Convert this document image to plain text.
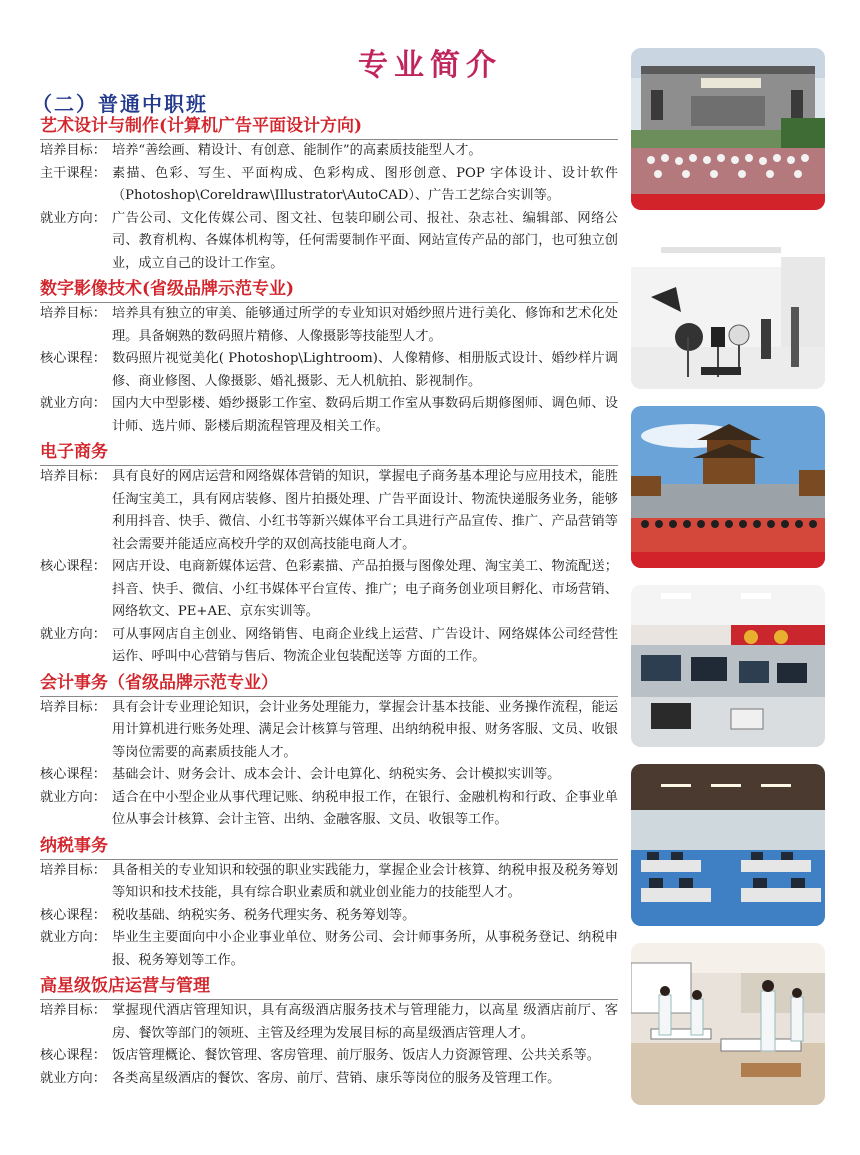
专业简介
（二）普通中职班
艺术设计与制作(计算机广告平面设计方向)
培养目标： 培养“善绘画、精设计、有创意、能制作”的高素质技能型人才。
主干课程： 素描、色彩、写生、平面构成、色彩构成、图形创意、POP 字体设计、设计软件（Photoshop\Coreldraw\Illustrator\AutoCAD）、广告工艺综合实训等。
就业方向： 广告公司、文化传媒公司、图文社、包装印刷公司、报社、杂志社、编辑部、网络公司、教育机构、各媒体机构等，任何需要制作平面、网站宣传产品的部门，也可独立创业，成立自己的设计工作室。
数字影像技术(省级品牌示范专业)
培养目标： 培养具有独立的审美、能够通过所学的专业知识对婚纱照片进行美化、修饰和艺术化处理。具备娴熟的数码照片精修、人像摄影等技能型人才。
核心课程： 数码照片视觉美化( Photoshop\Lightroom)、人像精修、相册版式设计、婚纱样片调修、商业修图、人像摄影、婚礼摄影、无人机航拍、影视制作。
就业方向： 国内大中型影楼、婚纱摄影工作室、数码后期工作室从事数码后期修图师、调色师、设计师、选片师、影楼后期流程管理及相关工作。
电子商务
培养目标： 具有良好的网店运营和网络媒体营销的知识，掌握电子商务基本理论与应用技术，能胜任淘宝美工，具有网店装修、图片拍摄处理、广告平面设计、物流快递服务业务，能够利用抖音、快手、微信、小红书等新兴媒体平台工具进行产品宣传、推广、产品营销等社会需要并能适应高校升学的双创高技能电商人才。
核心课程： 网店开设、电商新媒体运营、色彩素描、产品拍摄与图像处理、淘宝美工、物流配送；抖音、快手、微信、小红书媒体平台宣传、推广；电子商务创业项目孵化、市场营销、网络软文、PE+AE、京东实训等。
就业方向： 可从事网店自主创业、网络销售、电商企业线上运营、广告设计、网络媒体公司经营性运作、呼叫中心营销与售后、物流企业包装配送等 方面的工作。
会计事务（省级品牌示范专业）
培养目标： 具有会计专业理论知识，会计业务处理能力，掌握会计基本技能、业务操作流程，能运用计算机进行账务处理、满足会计核算与管理、出纳纳税申报、财务客服、文员、收银等岗位需要的高素质技能人才。
核心课程： 基础会计、财务会计、成本会计、会计电算化、纳税实务、会计模拟实训等。
就业方向： 适合在中小型企业从事代理记账、纳税申报工作，在银行、金融机构和行政、企事业单位从事会计核算、会计主管、出纳、金融客服、文员、收银等工作。
纳税事务
培养目标： 具备相关的专业知识和较强的职业实践能力，掌握企业会计核算、纳税申报及税务筹划等知识和技术技能，具有综合职业素质和就业创业能力的技能型人才。
核心课程： 税收基础、纳税实务、税务代理实务、税务筹划等。
就业方向： 毕业生主要面向中小企业事业单位、财务公司、会计师事务所，从事税务登记、纳税申报、税务筹划等工作。
高星级饭店运营与管理
培养目标： 掌握现代酒店管理知识，具有高级酒店服务技术与管理能力，以高星 级酒店前厅、客房、餐饮等部门的领班、主管及经理为发展目标的高星级酒店管理人才。
核心课程： 饭店管理概论、餐饮管理、客房管理、前厅服务、饭店人力资源管理、公共关系等。
就业方向： 各类高星级酒店的餐饮、客房、前厅、营销、康乐等岗位的服务及管理工作。
